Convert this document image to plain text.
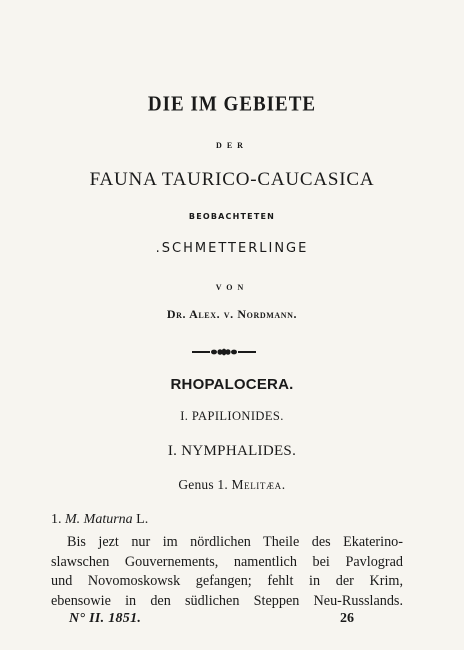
DIE IM GEBIETE
DER
FAUNA TAURICO-CAUCASICA
BEOBACHTETEN
.SCHMETTERLINGE
VON
Dr. Alex. v. Nordmann.
RHOPALOCERA.
I. PAPILIONIDES.
I. NYMPHALIDES.
Genus 1. Melitæa.
1. M. Maturna L.
Bis jezt nur im nördlichen Theile des Ekaterino-
slawschen Gouvernements, namentlich bei Pavlograd
und Novomoskowsk gefangen; fehlt in der Krim,
ebensowie in den südlichen Steppen Neu-Russlands.
N° II. 1851.	26
